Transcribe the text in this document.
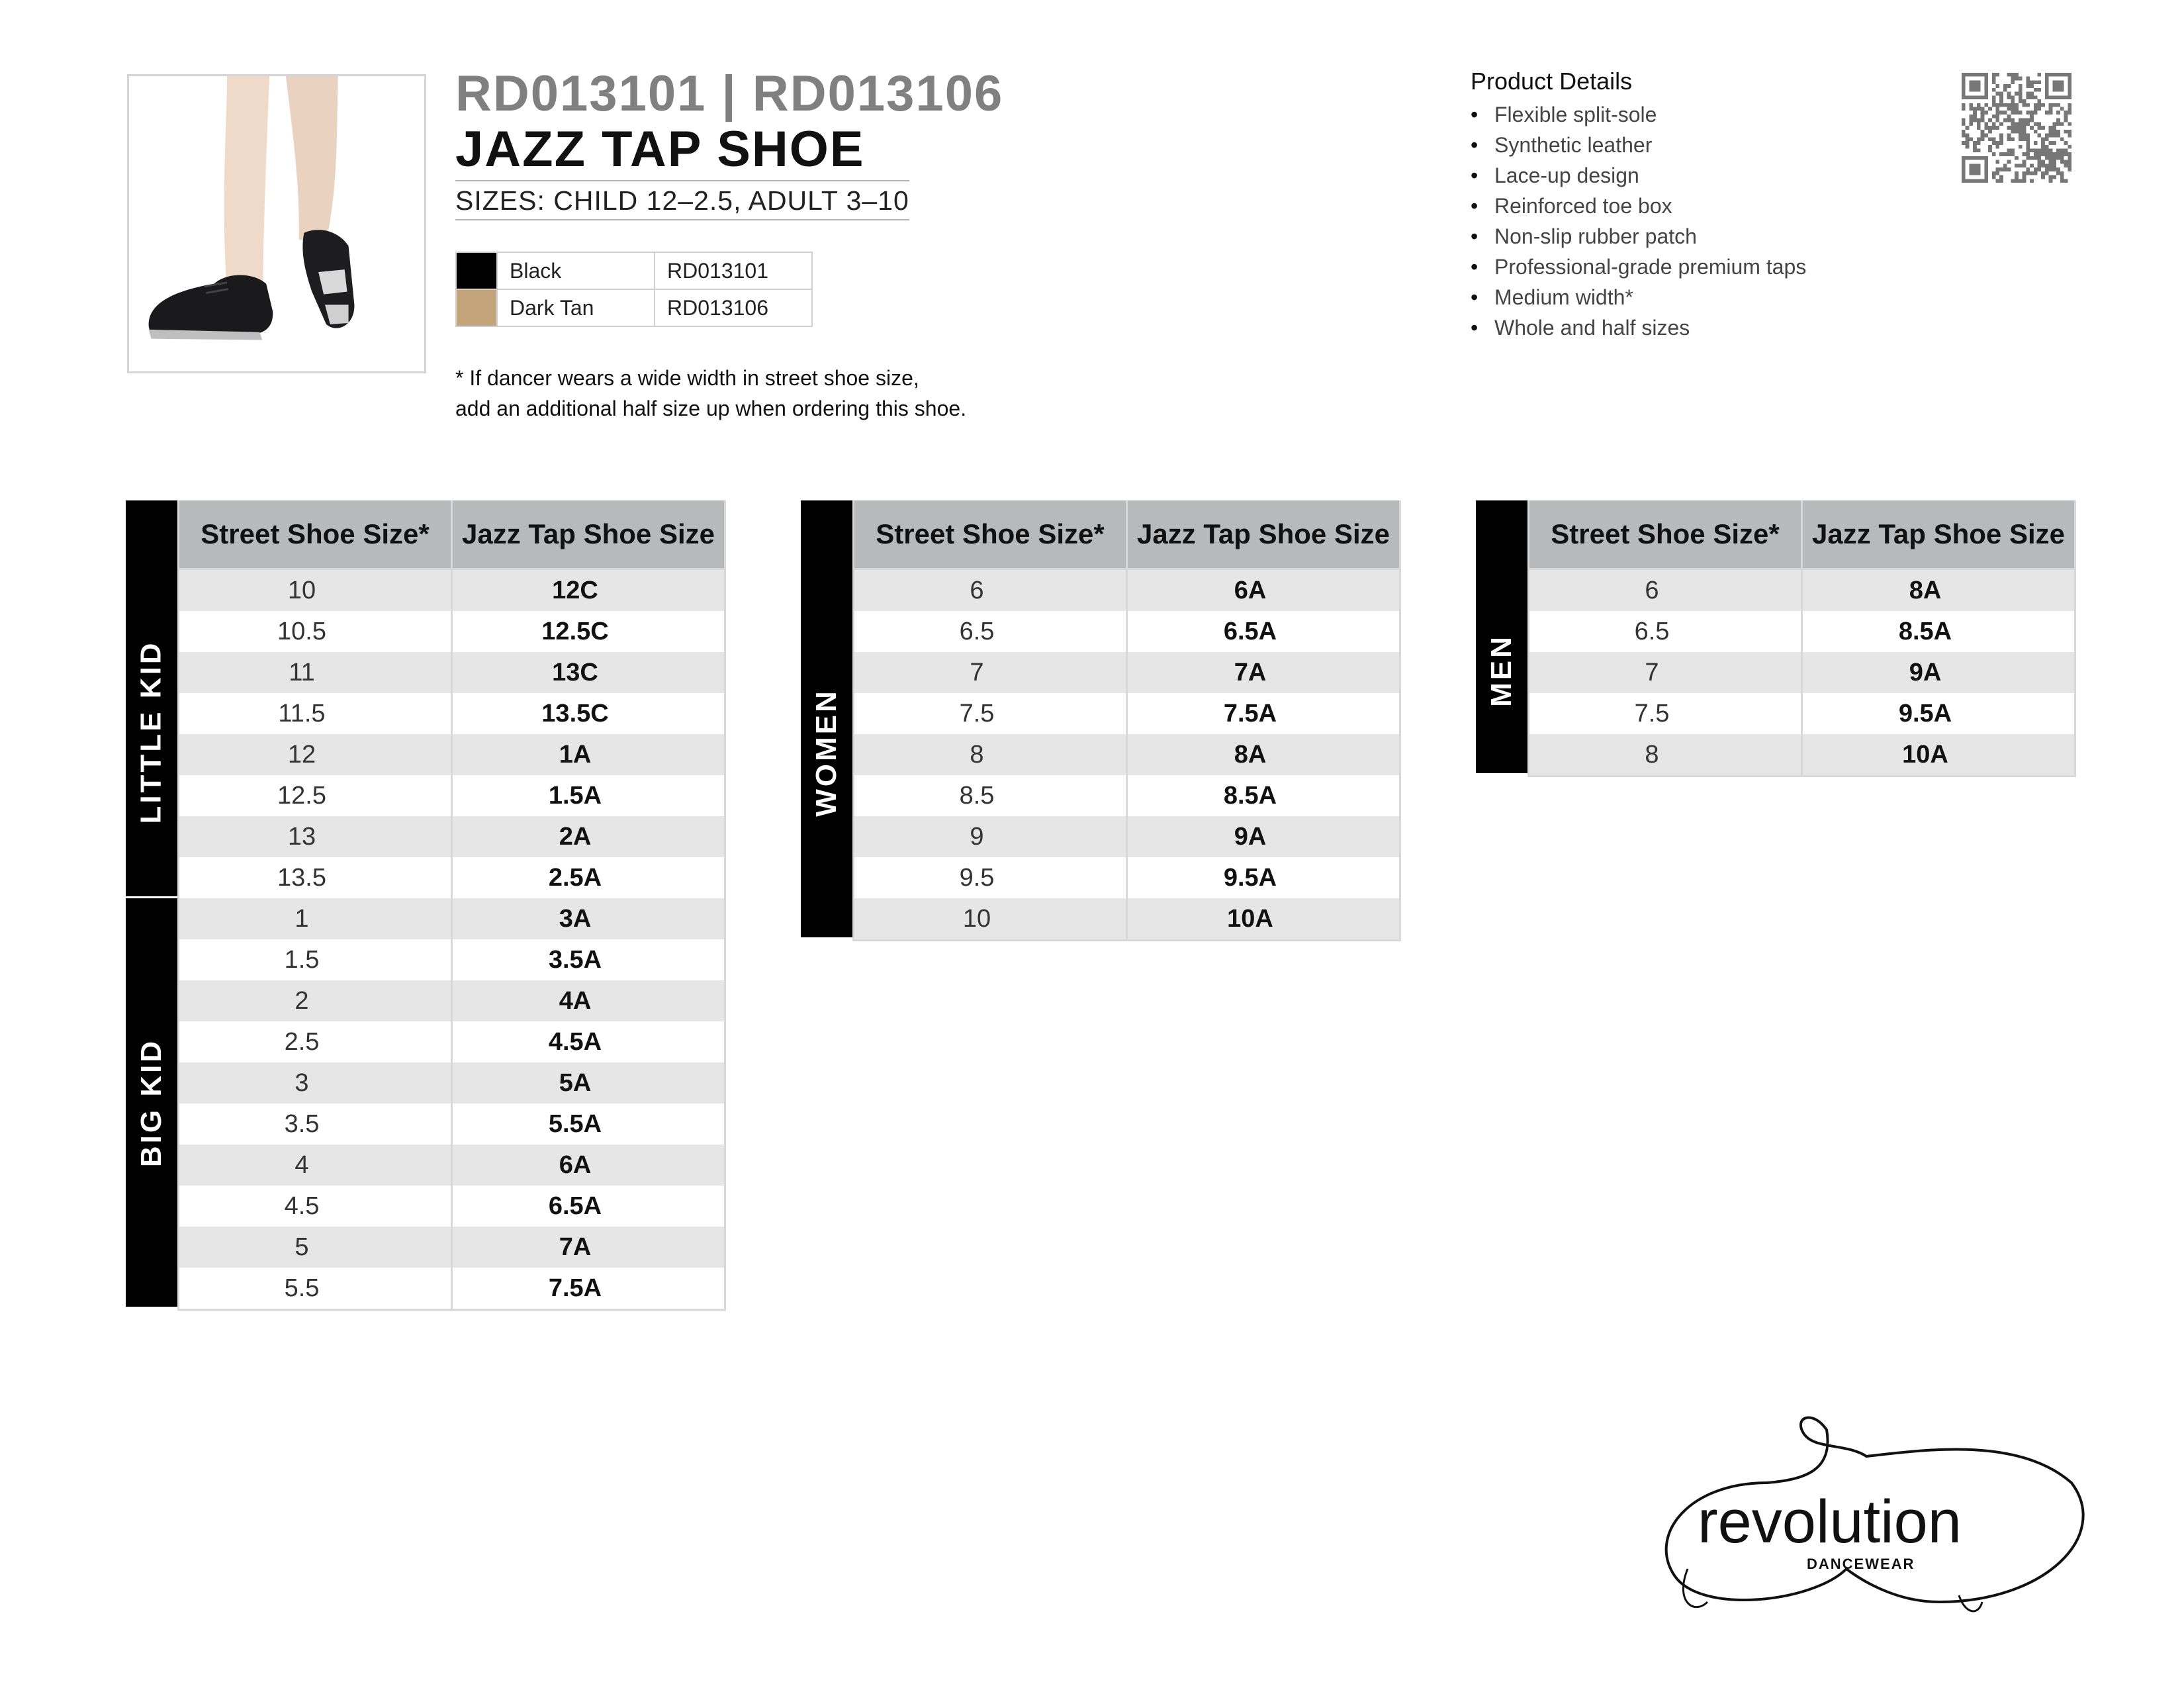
RD013101 | RD013106
JAZZ TAP SHOE
SIZES: CHILD 12–2.5, ADULT 3–10
	Black	RD013101
	Dark Tan	RD013106
* If dancer wears a wide width in street shoe size,
add an additional half size up when ordering this shoe.
Product Details
• Flexible split-sole
• Synthetic leather
• Lace-up design
• Reinforced toe box
• Non-slip rubber patch
• Professional-grade premium taps
• Medium width*
• Whole and half sizes
LITTLE KID
BIG KID
Street Shoe Size*	Jazz Tap Shoe Size
10	12C
10.5	12.5C
11	13C
11.5	13.5C
12	1A
12.5	1.5A
13	2A
13.5	2.5A
1	3A
1.5	3.5A
2	4A
2.5	4.5A
3	5A
3.5	5.5A
4	6A
4.5	6.5A
5	7A
5.5	7.5A
WOMEN
Street Shoe Size*	Jazz Tap Shoe Size
6	6A
6.5	6.5A
7	7A
7.5	7.5A
8	8A
8.5	8.5A
9	9A
9.5	9.5A
10	10A
MEN
Street Shoe Size*	Jazz Tap Shoe Size
6	8A
6.5	8.5A
7	9A
7.5	9.5A
8	10A
revolution
DANCEWEAR
